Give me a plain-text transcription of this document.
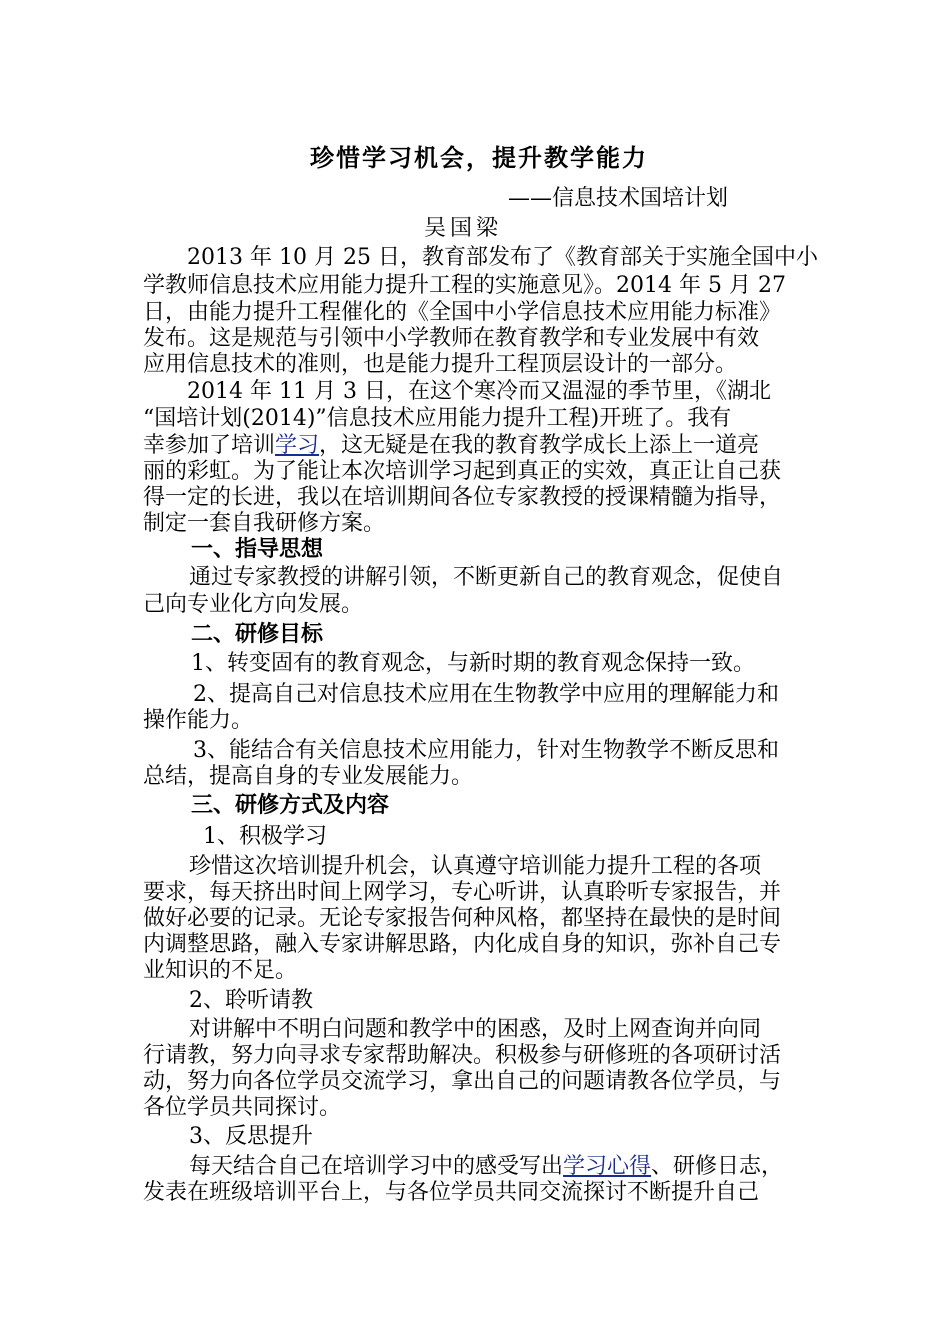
珍惜学习机会，提升教学能力
——信息技术国培计划
吴国梁
2013 年 10 月 25 日，教育部发布了《教育部关于实施全国中小
学教师信息技术应用能力提升工程的实施意见》。2014 年 5 月 27
日，由能力提升工程催化的《全国中小学信息技术应用能力标准》
发布。这是规范与引领中小学教师在教育教学和专业发展中有效
应用信息技术的准则，也是能力提升工程顶层设计的一部分。
2014 年 11 月 3 日，在这个寒冷而又温湿的季节里，《湖北
“国培计划(2014)”信息技术应用能力提升工程)开班了。我有
幸参加了培训学习，这无疑是在我的教育教学成长上添上一道亮
丽的彩虹。为了能让本次培训学习起到真正的实效，真正让自己获
得一定的长进，我以在培训期间各位专家教授的授课精髓为指导，
制定一套自我研修方案。
一、指导思想
通过专家教授的讲解引领，不断更新自己的教育观念，促使自
己向专业化方向发展。
二、研修目标
1、转变固有的教育观念，与新时期的教育观念保持一致。
2、提高自己对信息技术应用在生物教学中应用的理解能力和
操作能力。
3、能结合有关信息技术应用能力，针对生物教学不断反思和
总结，提高自身的专业发展能力。
三、研修方式及内容
1、积极学习
珍惜这次培训提升机会，认真遵守培训能力提升工程的各项
要求，每天挤出时间上网学习，专心听讲，认真聆听专家报告，并
做好必要的记录。无论专家报告何种风格，都坚持在最快的是时间
内调整思路，融入专家讲解思路，内化成自身的知识，弥补自己专
业知识的不足。
2、聆听请教
对讲解中不明白问题和教学中的困惑，及时上网查询并向同
行请教，努力向寻求专家帮助解决。积极参与研修班的各项研讨活
动，努力向各位学员交流学习，拿出自己的问题请教各位学员，与
各位学员共同探讨。
3、反思提升
每天结合自己在培训学习中的感受写出学习心得、研修日志，
发表在班级培训平台上，与各位学员共同交流探讨不断提升自己
